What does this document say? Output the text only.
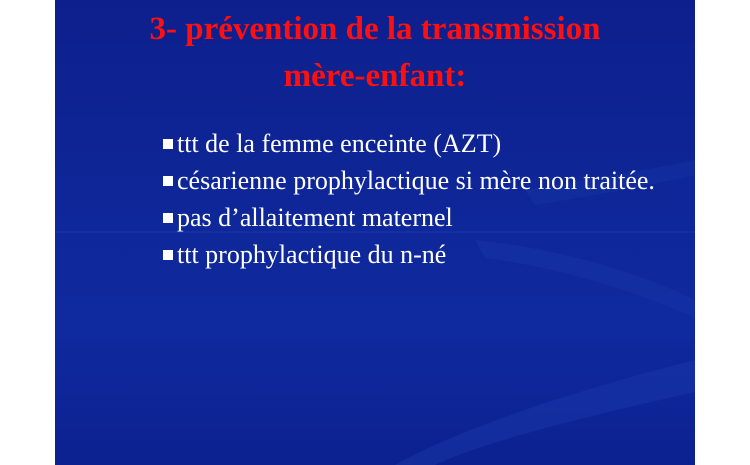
3- prévention de la transmission
mère-enfant:
ttt de la femme enceinte (AZT)
césarienne prophylactique si mère non traitée.
pas d’allaitement maternel
ttt prophylactique du n-né
